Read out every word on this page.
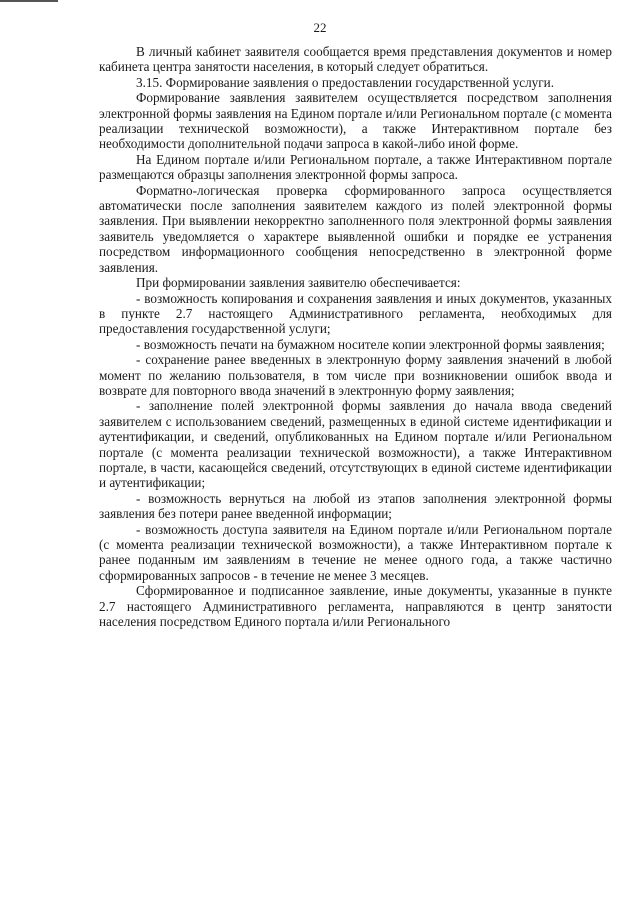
22

В личный кабинет заявителя сообщается время представления документов и номер кабинета центра занятости населения, в который следует обратиться.

3.15. Формирование заявления о предоставлении государственной услуги.

Формирование заявления заявителем осуществляется посредством заполнения электронной формы заявления на Едином портале и/или Региональном портале (с момента реализации технической возможности), а также Интерактивном портале без необходимости дополнительной подачи запроса в какой-либо иной форме.

На Едином портале и/или Региональном портале, а также Интерактивном портале размещаются образцы заполнения электронной формы запроса.

Форматно-логическая проверка сформированного запроса осуществляется автоматически после заполнения заявителем каждого из полей электронной формы заявления. При выявлении некорректно заполненного поля электронной формы заявления заявитель уведомляется о характере выявленной ошибки и порядке ее устранения посредством информационного сообщения непосредственно в электронной форме заявления.

При формировании заявления заявителю обеспечивается:

- возможность копирования и сохранения заявления и иных документов, указанных в пункте 2.7 настоящего Административного регламента, необходимых для предоставления государственной услуги;

- возможность печати на бумажном носителе копии электронной формы заявления;

- сохранение ранее введенных в электронную форму заявления значений в любой момент по желанию пользователя, в том числе при возникновении ошибок ввода и возврате для повторного ввода значений в электронную форму заявления;

- заполнение полей электронной формы заявления до начала ввода сведений заявителем с использованием сведений, размещенных в единой системе идентификации и аутентификации, и сведений, опубликованных на Едином портале и/или Региональном портале (с момента реализации технической возможности), а также Интерактивном портале, в части, касающейся сведений, отсутствующих в единой системе идентификации и аутентификации;

- возможность вернуться на любой из этапов заполнения электронной формы заявления без потери ранее введенной информации;

- возможность доступа заявителя на Едином портале и/или Региональном портале (с момента реализации технической возможности), а также Интерактивном портале к ранее поданным им заявлениям в течение не менее одного года, а также частично сформированных запросов - в течение не менее 3 месяцев.

Сформированное и подписанное заявление, иные документы, указанные в пункте 2.7 настоящего Административного регламента, направляются в центр занятости населения посредством Единого портала и/или Регионального
